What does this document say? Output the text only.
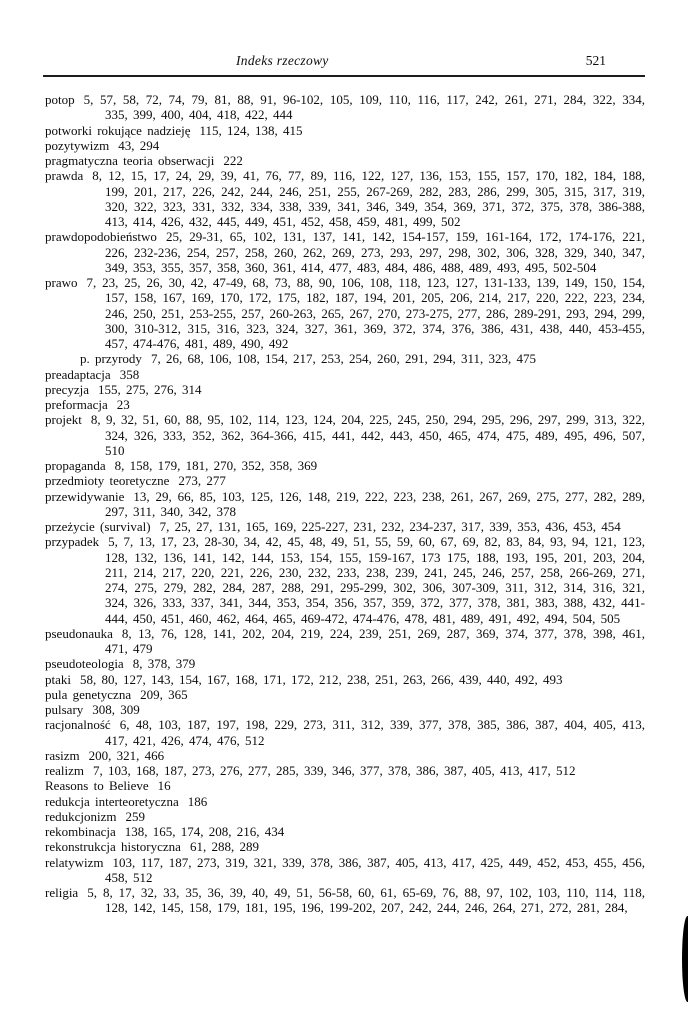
Indeks rzeczowy	521

potop 5, 57, 58, 72, 74, 79, 81, 88, 91, 96-102, 105, 109, 110, 116, 117, 242, 261, 271, 284, 322, 334, 335, 399, 400, 404, 418, 422, 444

potworki rokujące nadzieję 115, 124, 138, 415

pozytywizm 43, 294

pragmatyczna teoria obserwacji 222

prawda 8, 12, 15, 17, 24, 29, 39, 41, 76, 77, 89, 116, 122, 127, 136, 153, 155, 157, 170, 182, 184, 188, 199, 201, 217, 226, 242, 244, 246, 251, 255, 267-269, 282, 283, 286, 299, 305, 315, 317, 319, 320, 322, 323, 331, 332, 334, 338, 339, 341, 346, 349, 354, 369, 371, 372, 375, 378, 386-388, 413, 414, 426, 432, 445, 449, 451, 452, 458, 459, 481, 499, 502

prawdopodobieństwo 25, 29-31, 65, 102, 131, 137, 141, 142, 154-157, 159, 161-164, 172, 174-176, 221, 226, 232-236, 254, 257, 258, 260, 262, 269, 273, 293, 297, 298, 302, 306, 328, 329, 340, 347, 349, 353, 355, 357, 358, 360, 361, 414, 477, 483, 484, 486, 488, 489, 493, 495, 502-504

prawo 7, 23, 25, 26, 30, 42, 47-49, 68, 73, 88, 90, 106, 108, 118, 123, 127, 131-133, 139, 149, 150, 154, 157, 158, 167, 169, 170, 172, 175, 182, 187, 194, 201, 205, 206, 214, 217, 220, 222, 223, 234, 246, 250, 251, 253-255, 257, 260-263, 265, 267, 270, 273-275, 277, 286, 289-291, 293, 294, 299, 300, 310-312, 315, 316, 323, 324, 327, 361, 369, 372, 374, 376, 386, 431, 438, 440, 453-455, 457, 474-476, 481, 489, 490, 492

p. przyrody 7, 26, 68, 106, 108, 154, 217, 253, 254, 260, 291, 294, 311, 323, 475

preadaptacja 358

precyzja 155, 275, 276, 314

preformacja 23

projekt 8, 9, 32, 51, 60, 88, 95, 102, 114, 123, 124, 204, 225, 245, 250, 294, 295, 296, 297, 299, 313, 322, 324, 326, 333, 352, 362, 364-366, 415, 441, 442, 443, 450, 465, 474, 475, 489, 495, 496, 507, 510

propaganda 8, 158, 179, 181, 270, 352, 358, 369

przedmioty teoretyczne 273, 277

przewidywanie 13, 29, 66, 85, 103, 125, 126, 148, 219, 222, 223, 238, 261, 267, 269, 275, 277, 282, 289, 297, 311, 340, 342, 378

przeżycie (survival) 7, 25, 27, 131, 165, 169, 225-227, 231, 232, 234-237, 317, 339, 353, 436, 453, 454

przypadek 5, 7, 13, 17, 23, 28-30, 34, 42, 45, 48, 49, 51, 55, 59, 60, 67, 69, 82, 83, 84, 93, 94, 121, 123, 128, 132, 136, 141, 142, 144, 153, 154, 155, 159-167, 173 175, 188, 193, 195, 201, 203, 204, 211, 214, 217, 220, 221, 226, 230, 232, 233, 238, 239, 241, 245, 246, 257, 258, 266-269, 271, 274, 275, 279, 282, 284, 287, 288, 291, 295-299, 302, 306, 307-309, 311, 312, 314, 316, 321, 324, 326, 333, 337, 341, 344, 353, 354, 356, 357, 359, 372, 377, 378, 381, 383, 388, 432, 441-444, 450, 451, 460, 462, 464, 465, 469-472, 474-476, 478, 481, 489, 491, 492, 494, 504, 505

pseudonauka 8, 13, 76, 128, 141, 202, 204, 219, 224, 239, 251, 269, 287, 369, 374, 377, 378, 398, 461, 471, 479

pseudoteologia 8, 378, 379

ptaki 58, 80, 127, 143, 154, 167, 168, 171, 172, 212, 238, 251, 263, 266, 439, 440, 492, 493

pula genetyczna 209, 365

pulsary 308, 309

racjonalność 6, 48, 103, 187, 197, 198, 229, 273, 311, 312, 339, 377, 378, 385, 386, 387, 404, 405, 413, 417, 421, 426, 474, 476, 512

rasizm 200, 321, 466

realizm 7, 103, 168, 187, 273, 276, 277, 285, 339, 346, 377, 378, 386, 387, 405, 413, 417, 512

Reasons to Believe 16

redukcja interteoretyczna 186

redukcjonizm 259

rekombinacja 138, 165, 174, 208, 216, 434

rekonstrukcja historyczna 61, 288, 289

relatywizm 103, 117, 187, 273, 319, 321, 339, 378, 386, 387, 405, 413, 417, 425, 449, 452, 453, 455, 456, 458, 512

religia 5, 8, 17, 32, 33, 35, 36, 39, 40, 49, 51, 56-58, 60, 61, 65-69, 76, 88, 97, 102, 103, 110, 114, 118, 128, 142, 145, 158, 179, 181, 195, 196, 199-202, 207, 242, 244, 246, 264, 271, 272, 281, 284,
